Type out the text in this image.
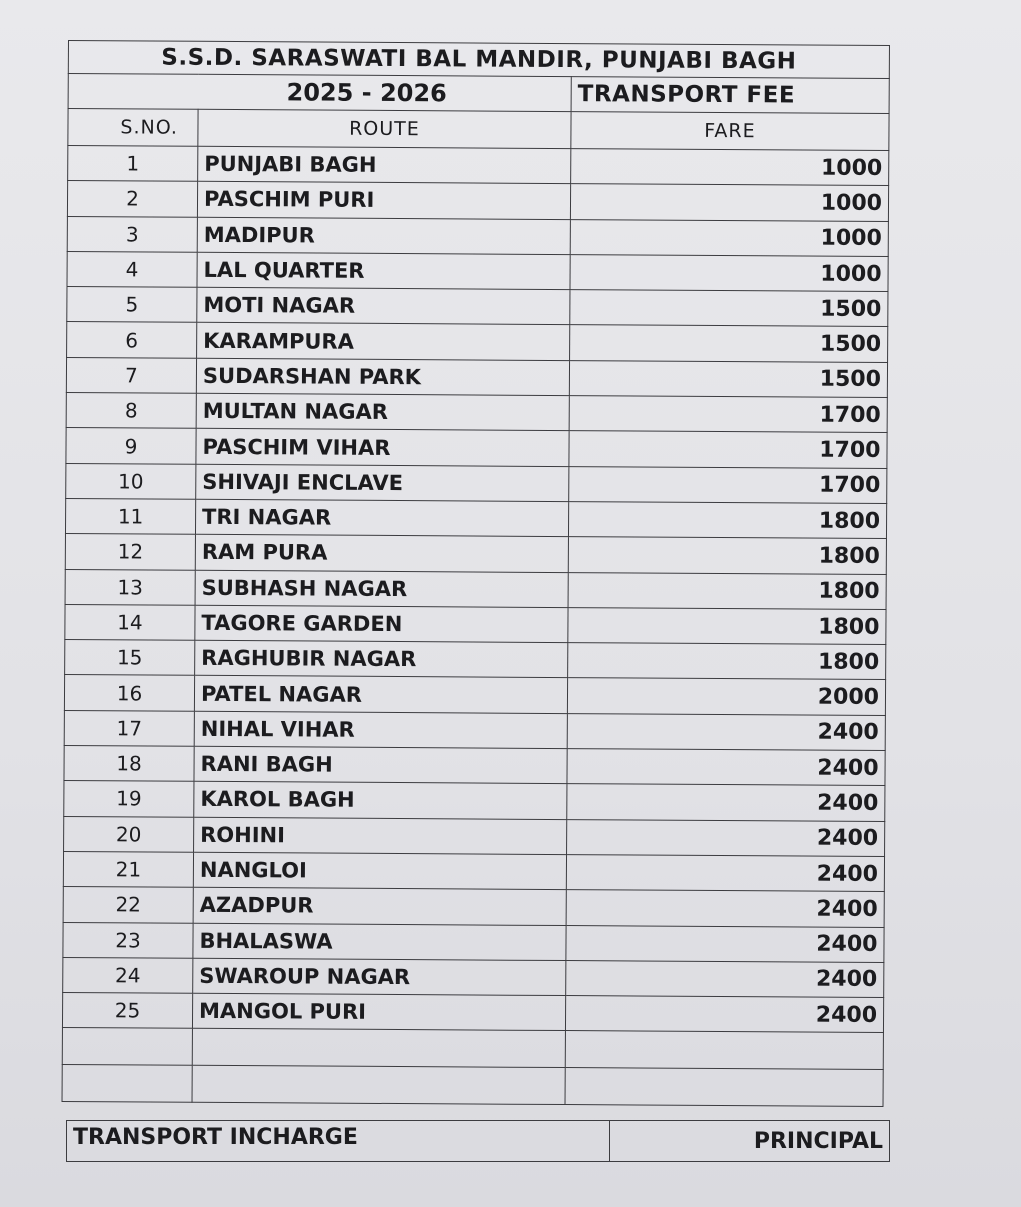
S.S.D. SARASWATI BAL MANDIR, PUNJABI BAGH		
2025 - 2026		TRANSPORT FEE
S.NO.	ROUTE	FARE
1	PUNJABI BAGH	1000
2	PASCHIM PURI	1000
3	MADIPUR	1000
4	LAL QUARTER	1000
5	MOTI NAGAR	1500
6	KARAMPURA	1500
7	SUDARSHAN PARK	1500
8	MULTAN NAGAR	1700
9	PASCHIM VIHAR	1700
10	SHIVAJI ENCLAVE	1700
11	TRI NAGAR	1800
12	RAM PURA	1800
13	SUBHASH NAGAR	1800
14	TAGORE GARDEN	1800
15	RAGHUBIR NAGAR	1800
16	PATEL NAGAR	2000
17	NIHAL VIHAR	2400
18	RANI BAGH	2400
19	KAROL BAGH	2400
20	ROHINI	2400
21	NANGLOI	2400
22	AZADPUR	2400
23	BHALASWA	2400
24	SWAROUP NAGAR	2400
25	MANGOL PURI	2400

TRANSPORT INCHARGE	PRINCIPAL
